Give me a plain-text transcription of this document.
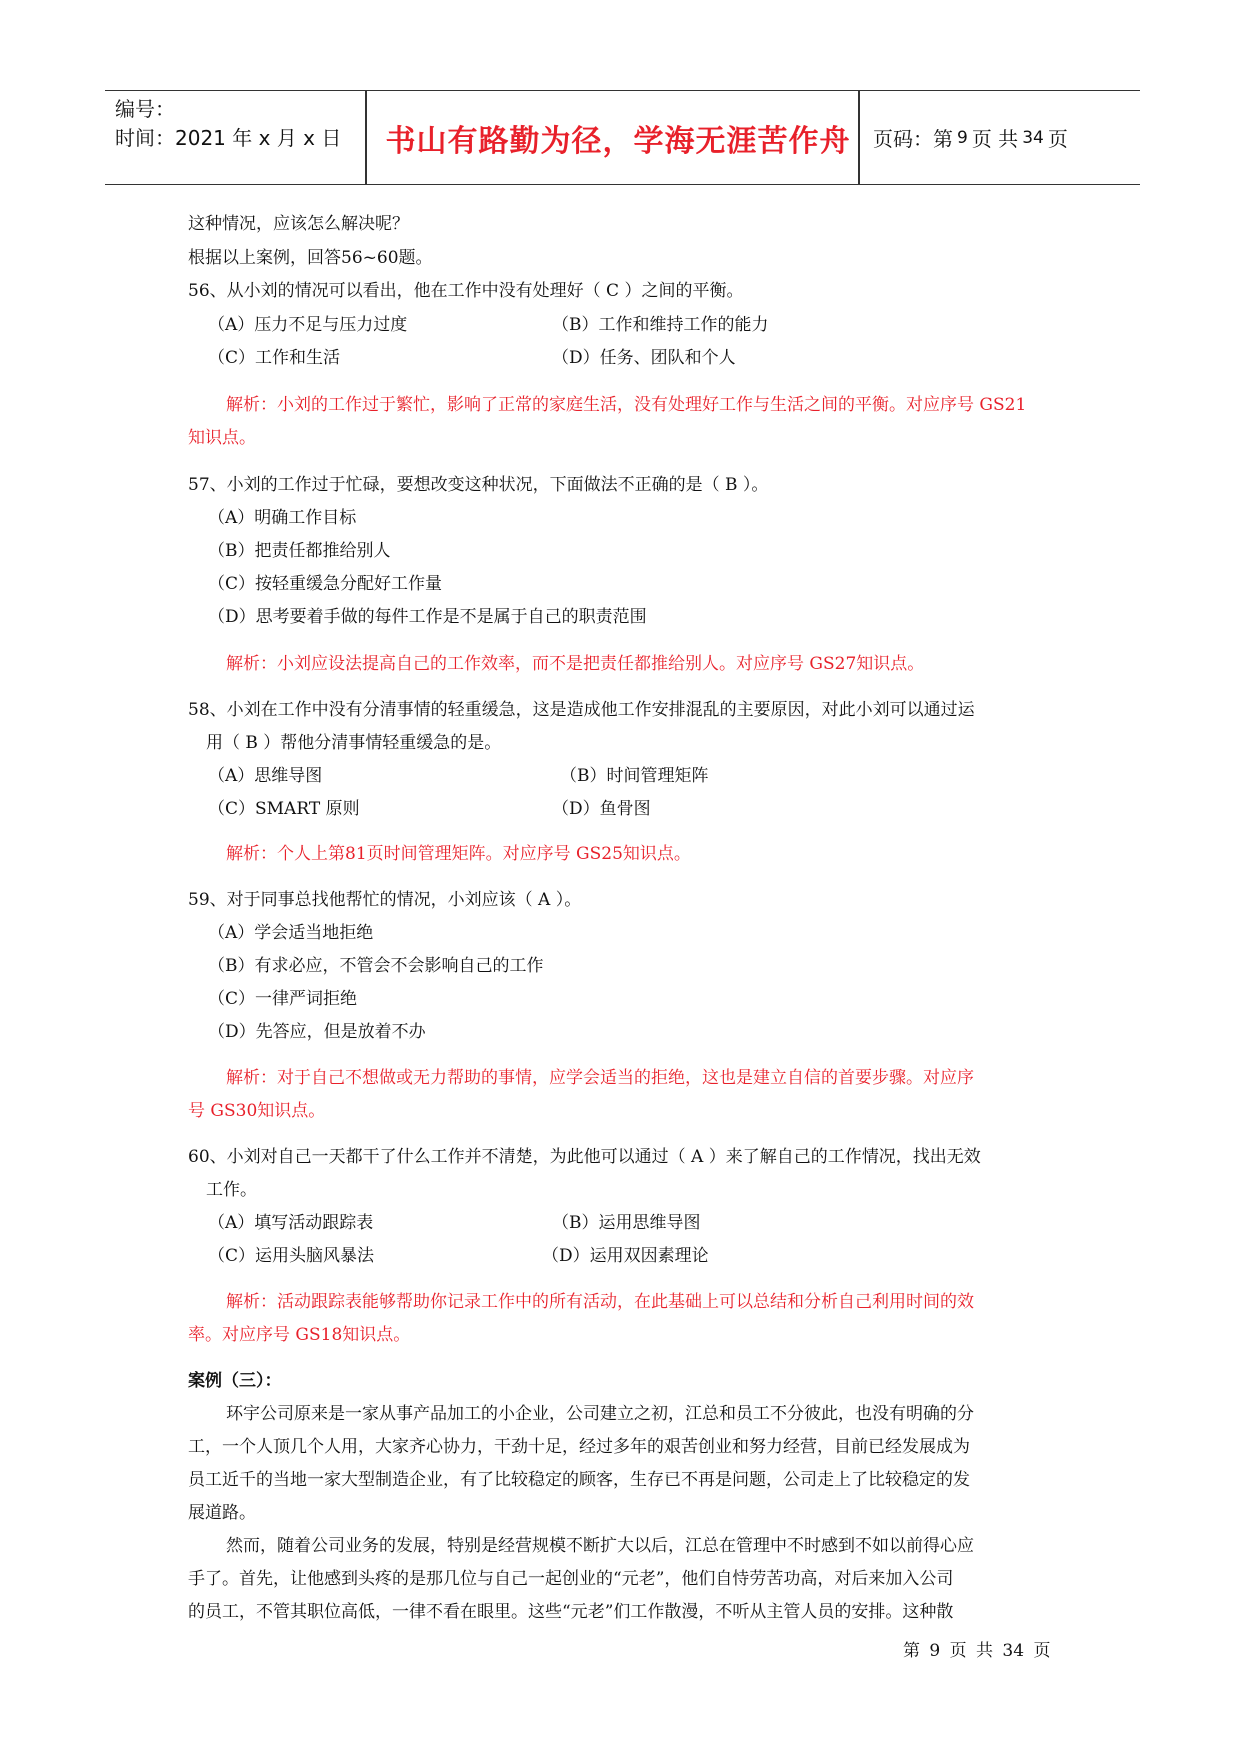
编号：
时间：2021 年 x 月 x 日	书山有路勤为径，学海无涯苦作舟	页码：第 9 页 共 34 页
这种情况，应该怎么解决呢？
根据以上案例，回答56~60题。
56、从小刘的情况可以看出，他在工作中没有处理好（ C ）之间的平衡。
（A）压力不足与压力过度	（B）工作和维持工作的能力
（C）工作和生活	（D）任务、团队和个人
解析：小刘的工作过于繁忙，影响了正常的家庭生活，没有处理好工作与生活之间的平衡。对应序号 GS21
知识点。
57、小刘的工作过于忙碌，要想改变这种状况，下面做法不正确的是（ B ）。
（A）明确工作目标
（B）把责任都推给别人
（C）按轻重缓急分配好工作量
（D）思考要着手做的每件工作是不是属于自己的职责范围
解析：小刘应设法提高自己的工作效率，而不是把责任都推给别人。对应序号 GS27知识点。
58、小刘在工作中没有分清事情的轻重缓急，这是造成他工作安排混乱的主要原因，对此小刘可以通过运
用（ B ）帮他分清事情轻重缓急的是。
（A）思维导图	（B）时间管理矩阵
（C）SMART 原则	（D）鱼骨图
解析：个人上第81页时间管理矩阵。对应序号 GS25知识点。
59、对于同事总找他帮忙的情况，小刘应该（ A ）。
（A）学会适当地拒绝
（B）有求必应，不管会不会影响自己的工作
（C）一律严词拒绝
（D）先答应，但是放着不办
解析：对于自己不想做或无力帮助的事情，应学会适当的拒绝，这也是建立自信的首要步骤。对应序
号 GS30知识点。
60、小刘对自己一天都干了什么工作并不清楚，为此他可以通过（ A ）来了解自己的工作情况，找出无效
工作。
（A）填写活动跟踪表	（B）运用思维导图
（C）运用头脑风暴法	（D）运用双因素理论
解析：活动跟踪表能够帮助你记录工作中的所有活动，在此基础上可以总结和分析自己利用时间的效
率。对应序号 GS18知识点。
案例（三）：
环宇公司原来是一家从事产品加工的小企业，公司建立之初，江总和员工不分彼此，也没有明确的分
工，一个人顶几个人用，大家齐心协力，干劲十足，经过多年的艰苦创业和努力经营，目前已经发展成为
员工近千的当地一家大型制造企业，有了比较稳定的顾客，生存已不再是问题，公司走上了比较稳定的发
展道路。
然而，随着公司业务的发展，特别是经营规模不断扩大以后，江总在管理中不时感到不如以前得心应
手了。首先，让他感到头疼的是那几位与自己一起创业的“元老”，他们自恃劳苦功高，对后来加入公司
的员工，不管其职位高低，一律不看在眼里。这些“元老”们工作散漫，不听从主管人员的安排。这种散
第 9 页 共 34 页
